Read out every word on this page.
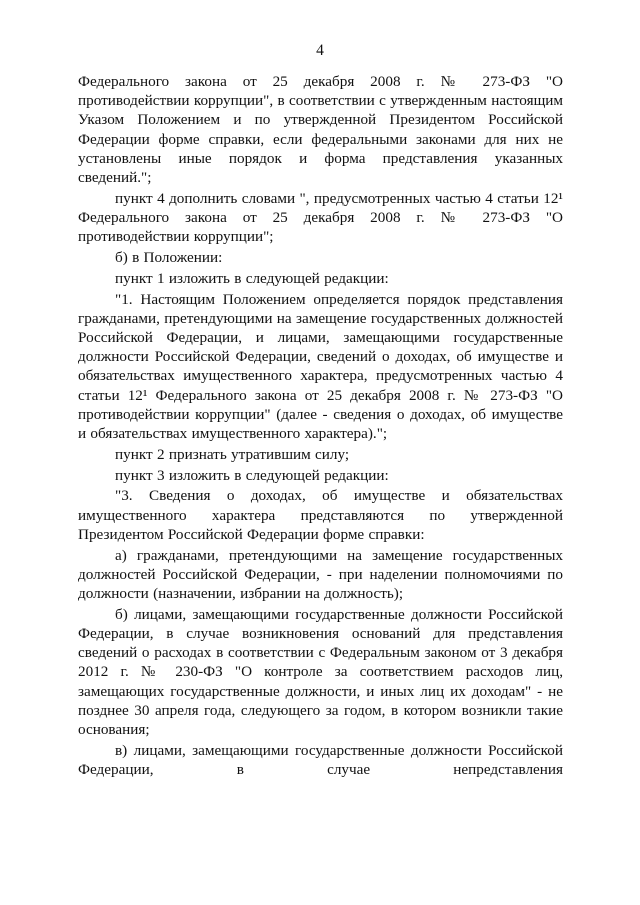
4

Федерального закона от 25 декабря 2008 г. № 273-ФЗ "О противодействии коррупции", в соответствии с утвержденным настоящим Указом Положением и по утвержденной Президентом Российской Федерации форме справки, если федеральными законами для них не установлены иные порядок и форма представления указанных сведений.";

пункт 4 дополнить словами ", предусмотренных частью 4 статьи 12¹ Федерального закона от 25 декабря 2008 г. № 273-ФЗ "О противодействии коррупции";

б) в Положении:

пункт 1 изложить в следующей редакции:

"1. Настоящим Положением определяется порядок представления гражданами, претендующими на замещение государственных должностей Российской Федерации, и лицами, замещающими государственные должности Российской Федерации, сведений о доходах, об имуществе и обязательствах имущественного характера, предусмотренных частью 4 статьи 12¹ Федерального закона от 25 декабря 2008 г. № 273-ФЗ "О противодействии коррупции" (далее - сведения о доходах, об имуществе и обязательствах имущественного характера).";

пункт 2 признать утратившим силу;

пункт 3 изложить в следующей редакции:

"3. Сведения о доходах, об имуществе и обязательствах имущественного характера представляются по утвержденной Президентом Российской Федерации форме справки:

а) гражданами, претендующими на замещение государственных должностей Российской Федерации, - при наделении полномочиями по должности (назначении, избрании на должность);

б) лицами, замещающими государственные должности Российской Федерации, в случае возникновения оснований для представления сведений о расходах в соответствии с Федеральным законом от 3 декабря 2012 г. № 230-ФЗ "О контроле за соответствием расходов лиц, замещающих государственные должности, и иных лиц их доходам" - не позднее 30 апреля года, следующего за годом, в котором возникли такие основания;

в) лицами, замещающими государственные должности Российской Федерации, в случае непредставления
